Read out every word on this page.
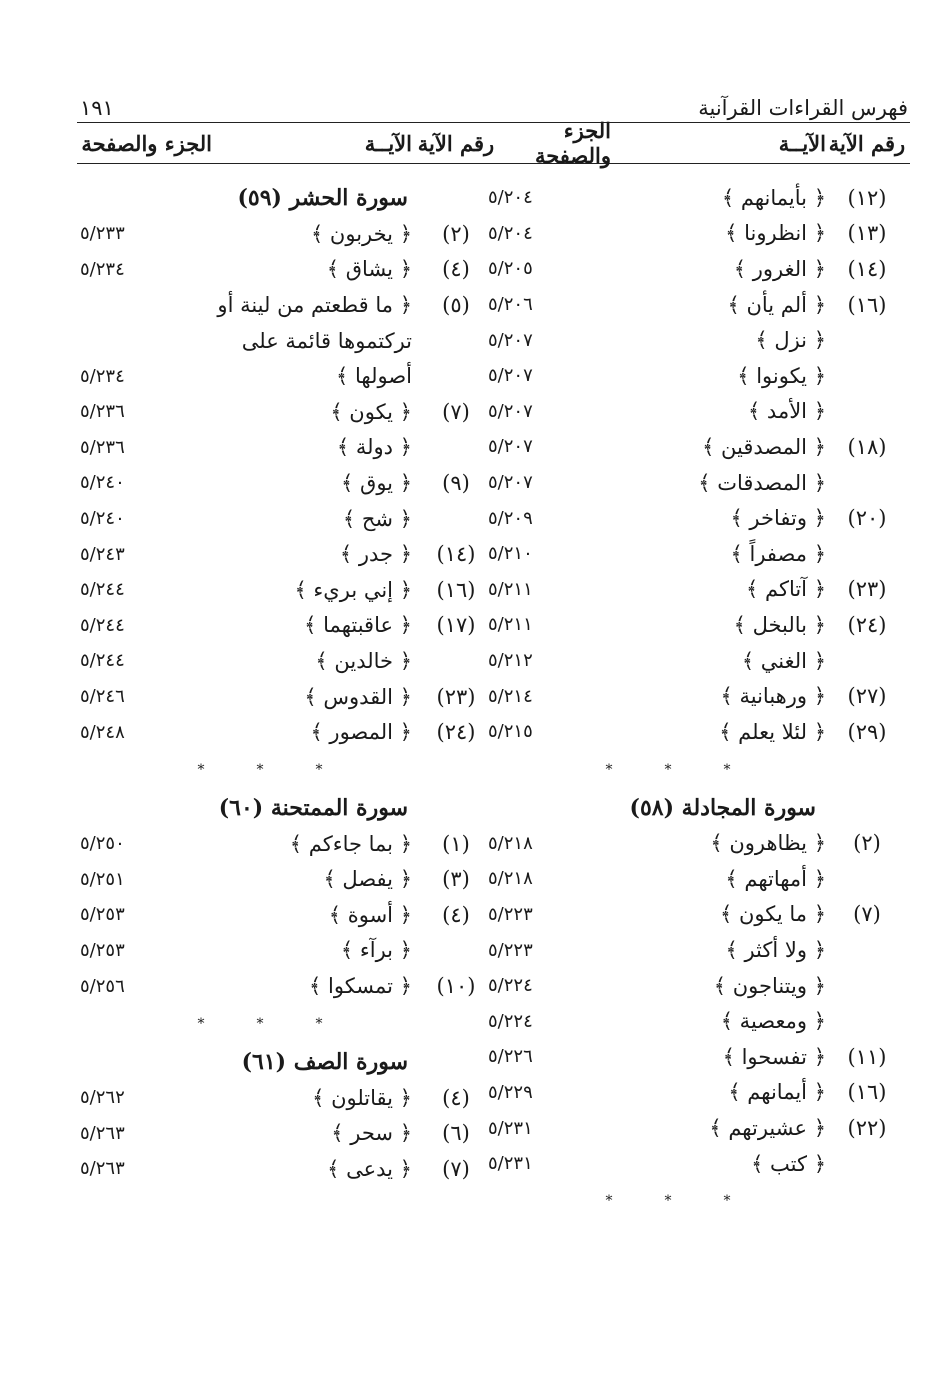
فهرس القراءات القرآنية
١٩١
رقم الآية
الآيــة
الجزء والصفحة
(١٢)
﴿ بأيمانهم ﴾
٥/٢٠٤
(١٣)
﴿ انظرونا ﴾
٥/٢٠٤
(١٤)
﴿ الغرور ﴾
٥/٢٠٥
(١٦)
﴿ ألم يأن ﴾
٥/٢٠٦
﴿ نزل ﴾
٥/٢٠٧
﴿ يكونوا ﴾
٥/٢٠٧
﴿ الأمد ﴾
٥/٢٠٧
(١٨)
﴿ المصدقين ﴾
٥/٢٠٧
﴿ المصدقات ﴾
٥/٢٠٧
(٢٠)
﴿ وتفاخر ﴾
٥/٢٠٩
﴿ مصفراً ﴾
٥/٢١٠
(٢٣)
﴿ آتاكم ﴾
٥/٢١١
(٢٤)
﴿ بالبخل ﴾
٥/٢١١
﴿ الغني ﴾
٥/٢١٢
(٢٧)
﴿ ورهبانية ﴾
٥/٢١٤
(٢٩)
﴿ لئلا يعلم ﴾
٥/٢١٥
*
*
*
سورة المجادلة (٥٨)
(٢)
﴿ يظاهرون ﴾
٥/٢١٨
﴿ أمهاتهم ﴾
٥/٢١٨
(٧)
﴿ ما يكون ﴾
٥/٢٢٣
﴿ ولا أكثر ﴾
٥/٢٢٣
﴿ ويتناجون ﴾
٥/٢٢٤
﴿ ومعصية ﴾
٥/٢٢٤
(١١)
﴿ تفسحوا ﴾
٥/٢٢٦
(١٦)
﴿ أيمانهم ﴾
٥/٢٢٩
(٢٢)
﴿ عشيرتهم ﴾
٥/٢٣١
﴿ كتب ﴾
٥/٢٣١
*
*
*
رقم الآية
الآيــة
الجزء والصفحة
سورة الحشر (٥٩)
(٢)
﴿ يخربون ﴾
٥/٢٣٣
(٤)
﴿ يشاق ﴾
٥/٢٣٤
(٥)
﴿ ما قطعتم من لينة أو
تركتموها قائمة على
أصولها ﴾
٥/٢٣٤
(٧)
﴿ يكون ﴾
٥/٢٣٦
﴿ دولة ﴾
٥/٢٣٦
(٩)
﴿ يوق ﴾
٥/٢٤٠
﴿ شح ﴾
٥/٢٤٠
(١٤)
﴿ جدر ﴾
٥/٢٤٣
(١٦)
﴿ إني بريء ﴾
٥/٢٤٤
(١٧)
﴿ عاقبتهما ﴾
٥/٢٤٤
﴿ خالدين ﴾
٥/٢٤٤
(٢٣)
﴿ القدوس ﴾
٥/٢٤٦
(٢٤)
﴿ المصور ﴾
٥/٢٤٨
*
*
*
سورة الممتحنة (٦٠)
(١)
﴿ بما جاءكم ﴾
٥/٢٥٠
(٣)
﴿ يفصل ﴾
٥/٢٥١
(٤)
﴿ أسوة ﴾
٥/٢٥٣
﴿ برآء ﴾
٥/٢٥٣
(١٠)
﴿ تمسكوا ﴾
٥/٢٥٦
*
*
*
سورة الصف (٦١)
(٤)
﴿ يقاتلون ﴾
٥/٢٦٢
(٦)
﴿ سحر ﴾
٥/٢٦٣
(٧)
﴿ يدعى ﴾
٥/٢٦٣
